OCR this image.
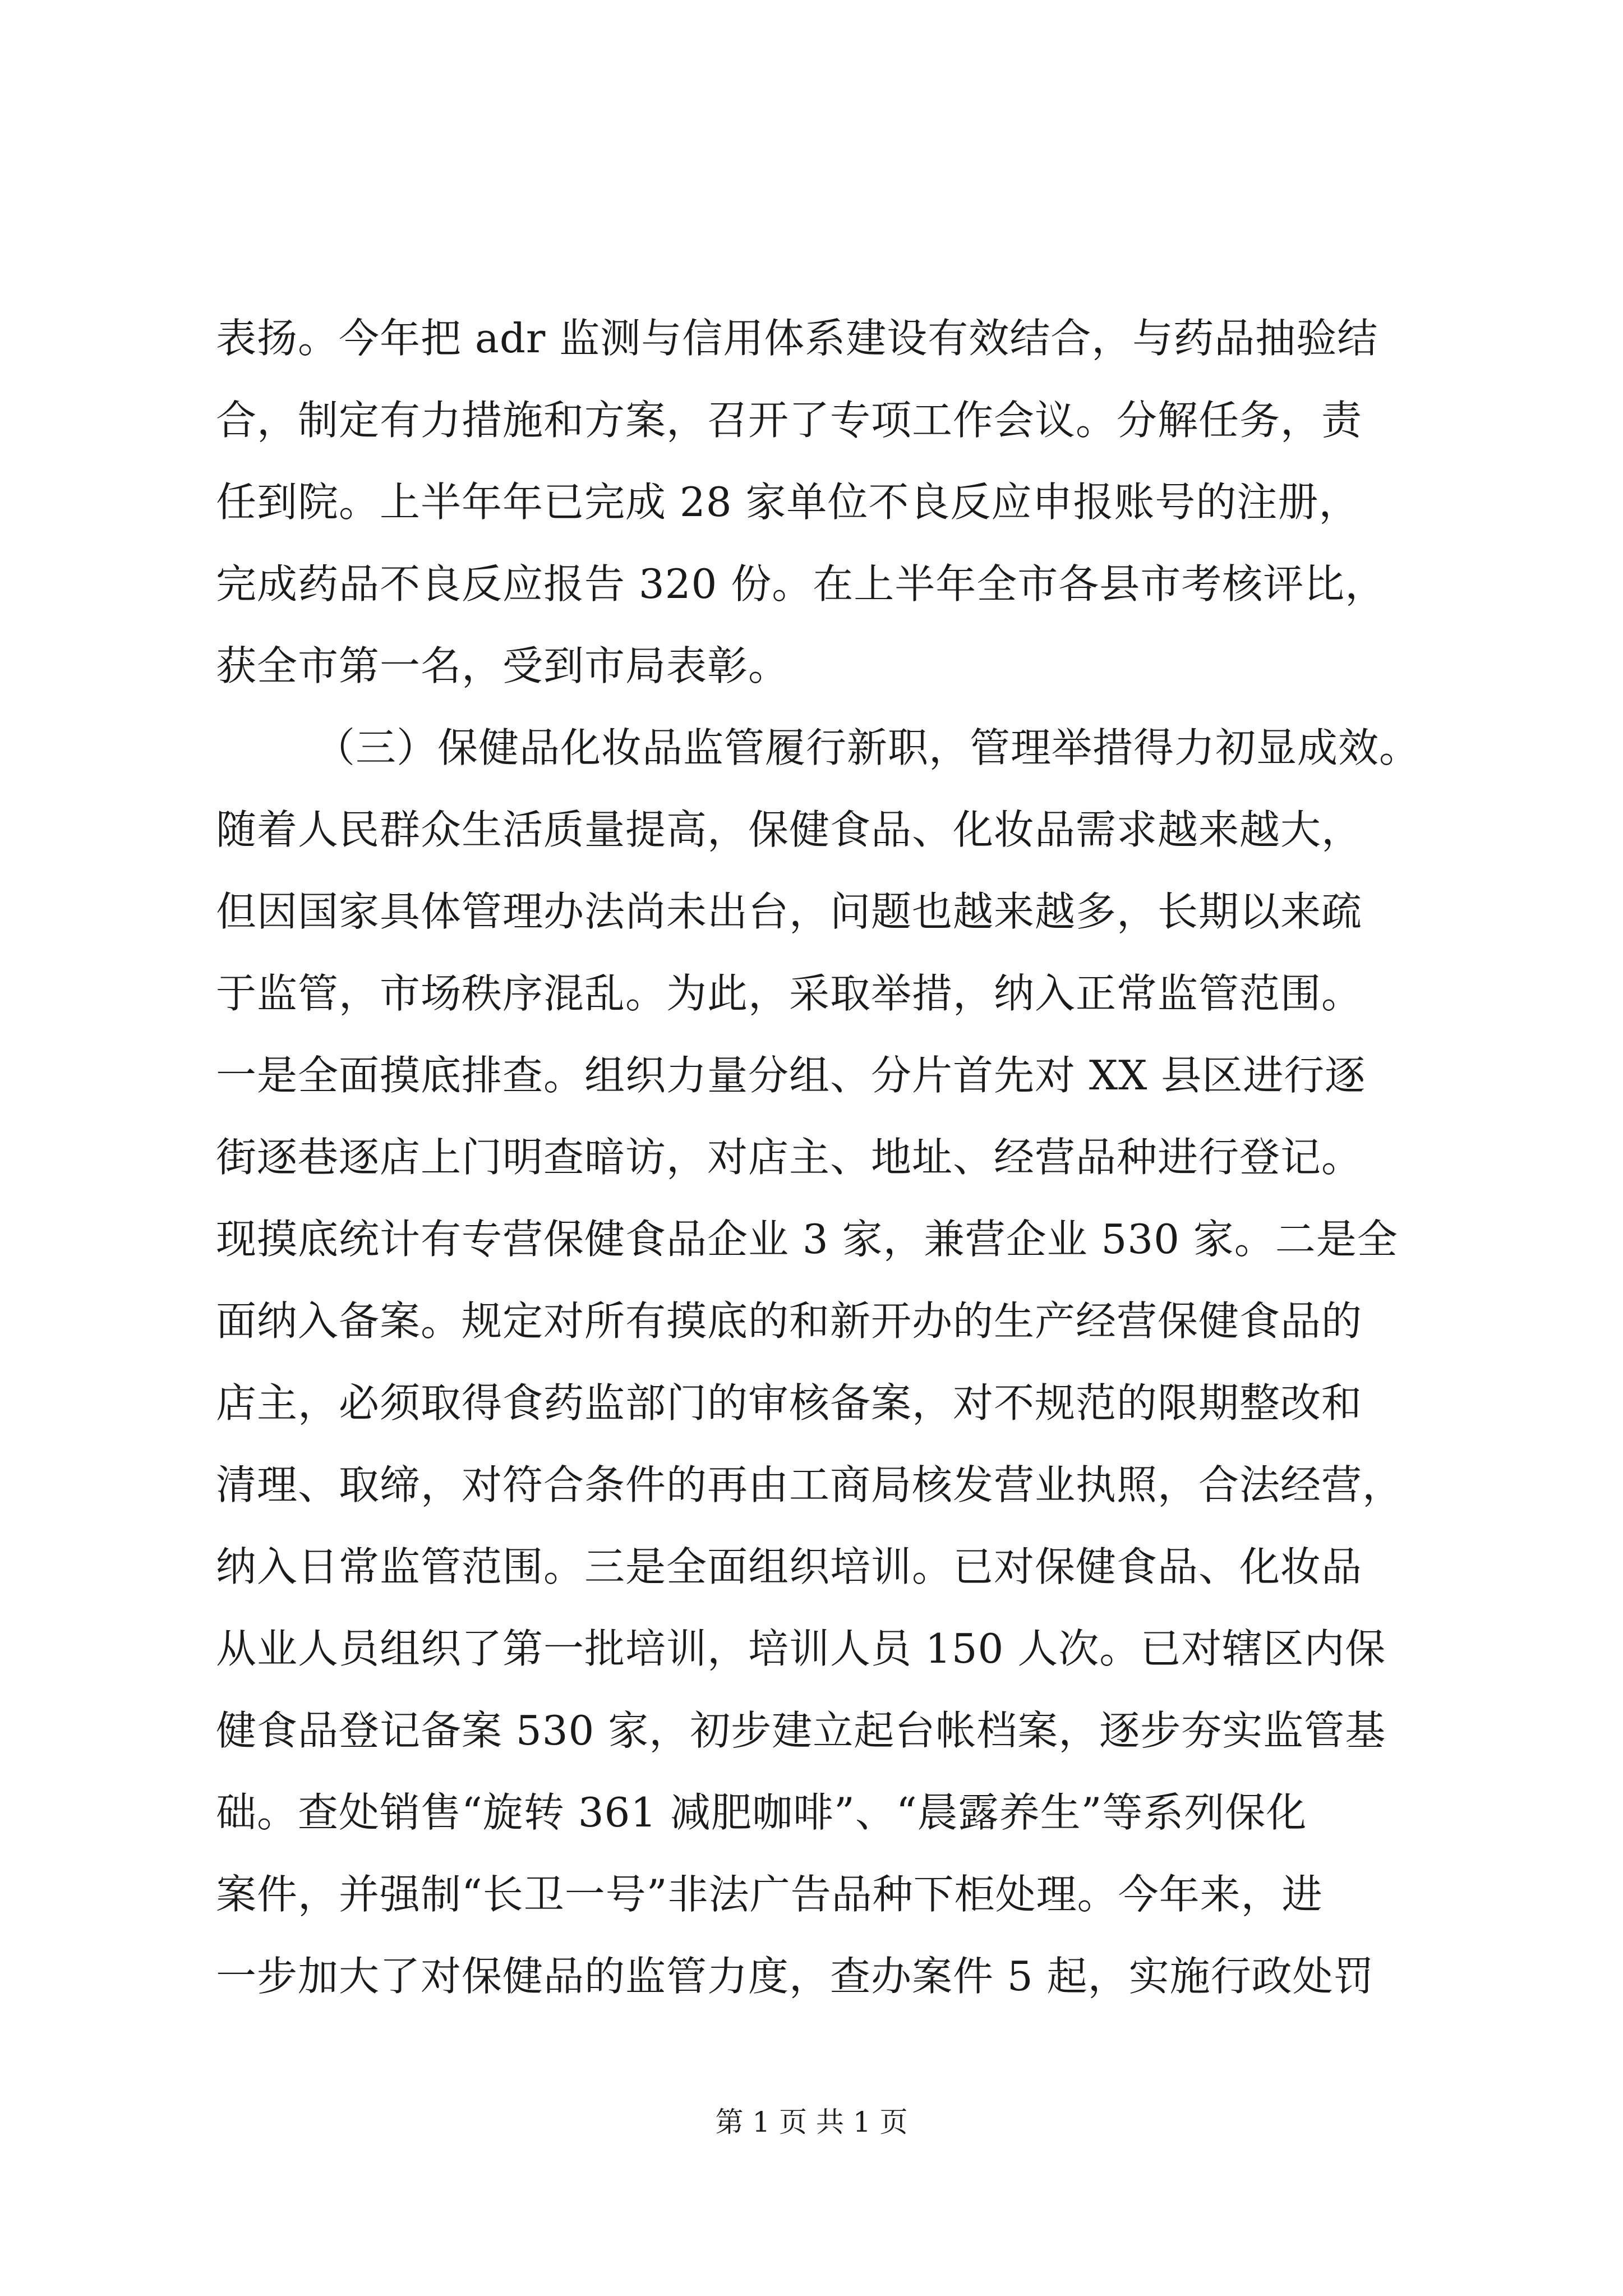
表扬。今年把 adr 监测与信用体系建设有效结合，与药品抽验结
合，制定有力措施和方案，召开了专项工作会议。分解任务，责
任到院。上半年年已完成 28 家单位不良反应申报账号的注册，
完成药品不良反应报告 320 份。在上半年全市各县市考核评比，
获全市第一名，受到市局表彰。
（三）保健品化妆品监管履行新职，管理举措得力初显成效。
随着人民群众生活质量提高，保健食品、化妆品需求越来越大，
但因国家具体管理办法尚未出台，问题也越来越多，长期以来疏
于监管，市场秩序混乱。为此，采取举措，纳入正常监管范围。
一是全面摸底排查。组织力量分组、分片首先对 XX 县区进行逐
街逐巷逐店上门明查暗访，对店主、地址、经营品种进行登记。
现摸底统计有专营保健食品企业 3 家，兼营企业 530 家。二是全
面纳入备案。规定对所有摸底的和新开办的生产经营保健食品的
店主，必须取得食药监部门的审核备案，对不规范的限期整改和
清理、取缔，对符合条件的再由工商局核发营业执照，合法经营，
纳入日常监管范围。三是全面组织培训。已对保健食品、化妆品
从业人员组织了第一批培训，培训人员 150 人次。已对辖区内保
健食品登记备案 530 家，初步建立起台帐档案，逐步夯实监管基
础。查处销售“旋转 361 减肥咖啡”、“晨露养生”等系列保化
案件，并强制“长卫一号”非法广告品种下柜处理。今年来，进
一步加大了对保健品的监管力度，查办案件 5 起，实施行政处罚
第 1 页 共 1 页
